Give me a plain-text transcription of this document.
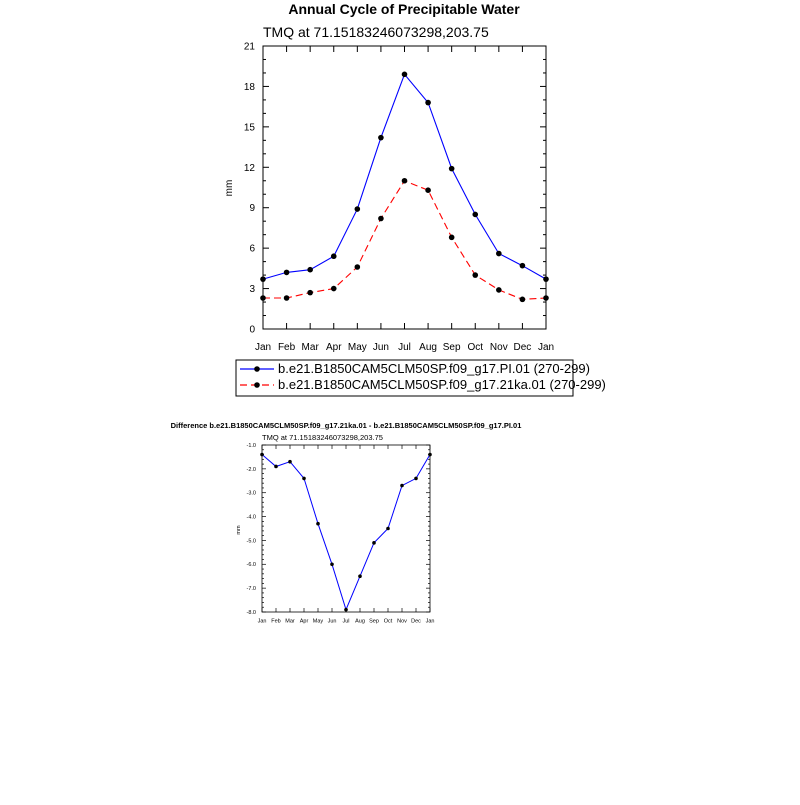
Annual Cycle of Precipitable Water
TMQ at 71.15183246073298,203.75
mm
0
3
6
9
12
15
18
21
Jan Feb Mar Apr May Jun Jul Aug Sep Oct Nov Dec Jan
b.e21.B1850CAM5CLM50SP.f09_g17.PI.01 (270-299)
b.e21.B1850CAM5CLM50SP.f09_g17.21ka.01 (270-299)
Difference b.e21.B1850CAM5CLM50SP.f09_g17.21ka.01 - b.e21.B1850CAM5CLM50SP.f09_g17.PI.01
TMQ at 71.15183246073298,203.75
mm
-8.0
-7.0
-6.0
-5.0
-4.0
-3.0
-2.0
-1.0
Jan Feb Mar Apr May Jun Jul Aug Sep Oct Nov Dec Jan
